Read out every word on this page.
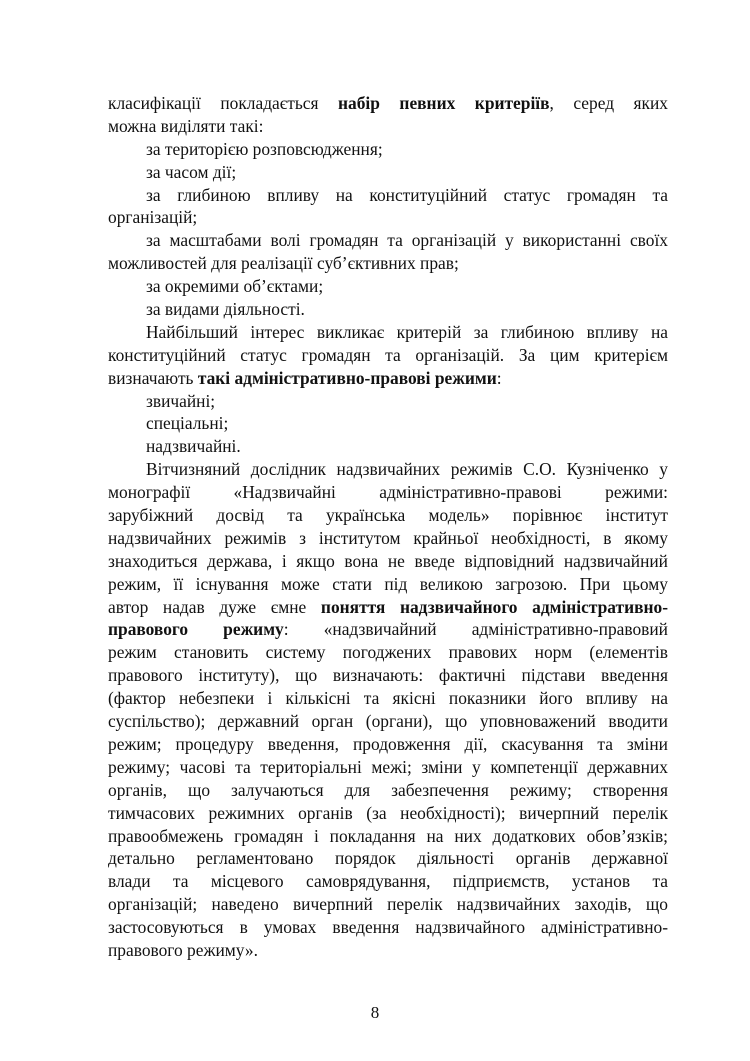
класифікації покладається набір певних критеріїв, серед яких
можна виділяти такі:
за територією розповсюдження;
за часом дії;
за глибиною впливу на конституційний статус громадян та
організацій;
за масштабами волі громадян та організацій у використанні своїх
можливостей для реалізації суб’єктивних прав;
за окремими об’єктами;
за видами діяльності.
Найбільший інтерес викликає критерій за глибиною впливу на
конституційний статус громадян та організацій. За цим критерієм
визначають такі адміністративно-правові режими:
звичайні;
спеціальні;
надзвичайні.
Вітчизняний дослідник надзвичайних режимів С.О. Кузніченко у
монографії «Надзвичайні адміністративно-правові режими:
зарубіжний досвід та українська модель» порівнює інститут
надзвичайних режимів з інститутом крайньої необхідності, в якому
знаходиться держава, і якщо вона не введе відповідний надзвичайний
режим, її існування може стати під великою загрозою. При цьому
автор надав дуже ємне поняття надзвичайного адміністративно-
правового режиму: «надзвичайний адміністративно-правовий
режим становить систему погоджених правових норм (елементів
правового інституту), що визначають: фактичні підстави введення
(фактор небезпеки і кількісні та якісні показники його впливу на
суспільство); державний орган (органи), що уповноважений вводити
режим; процедуру введення, продовження дії, скасування та зміни
режиму; часові та територіальні межі; зміни у компетенції державних
органів, що залучаються для забезпечення режиму; створення
тимчасових режимних органів (за необхідності); вичерпний перелік
правообмежень громадян і покладання на них додаткових обов’язків;
детально регламентовано порядок діяльності органів державної
влади та місцевого самоврядування, підприємств, установ та
організацій; наведено вичерпний перелік надзвичайних заходів, що
застосовуються в умовах введення надзвичайного адміністративно-
правового режиму».
8
